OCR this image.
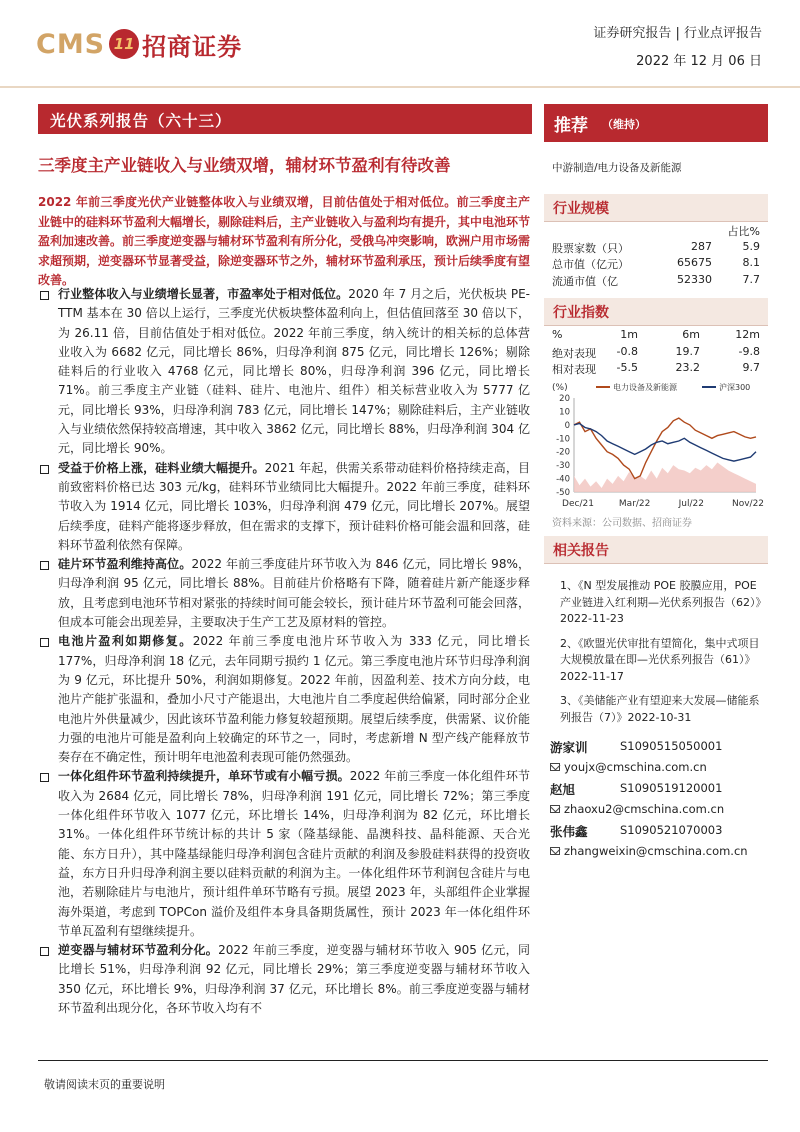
CMS 11 招商证券	证券研究报告 | 行业点评报告
2022 年 12 月 06 日
光伏系列报告（六十三）
三季度主产业链收入与业绩双增，辅材环节盈利有待改善
2022 年前三季度光伏产业链整体收入与业绩双增，目前估值处于相对低位。前三季度主产业链中的硅料环节盈利大幅增长，剔除硅料后，主产业链收入与盈利均有提升，其中电池环节盈利加速改善。前三季度逆变器与辅材环节盈利有所分化，受俄乌冲突影响，欧洲户用市场需求超预期，逆变器环节显著受益，除逆变器环节之外，辅材环节盈利承压，预计后续季度有望改善。
行业整体收入与业绩增长显著，市盈率处于相对低位。2020 年 7 月之后，光伏板块 PE-TTM 基本在 30 倍以上运行，三季度光伏板块整体盈利向上，但估值回落至 30 倍以下，为 26.11 倍，目前估值处于相对低位。2022 年前三季度，纳入统计的相关标的总体营业收入为 6682 亿元，同比增长 86%，归母净利润 875 亿元，同比增长 126%；剔除硅料后的行业收入 4768 亿元，同比增长 80%，归母净利润 396 亿元，同比增长 71%。前三季度主产业链（硅料、硅片、电池片、组件）相关标营业收入为 5777 亿元，同比增长 93%，归母净利润 783 亿元，同比增长 147%；剔除硅料后，主产业链收入与业绩依然保持较高增速，其中收入 3862 亿元，同比增长 88%，归母净利润 304 亿元，同比增长 90%。
受益于价格上涨，硅料业绩大幅提升。2021 年起，供需关系带动硅料价格持续走高，目前致密料价格已达 303 元/kg，硅料环节业绩同比大幅提升。2022 年前三季度，硅料环节收入为 1914 亿元，同比增长 103%，归母净利润 479 亿元，同比增长 207%。展望后续季度，硅料产能将逐步释放，但在需求的支撑下，预计硅料价格可能会温和回落，硅料环节盈利依然有保障。
硅片环节盈利维持高位。2022 年前三季度硅片环节收入为 846 亿元，同比增长 98%，归母净利润 95 亿元，同比增长 88%。目前硅片价格略有下降，随着硅片新产能逐步释放，且考虑到电池环节相对紧张的持续时间可能会较长，预计硅片环节盈利可能会回落，但成本可能会出现差异，主要取决于生产工艺及原材料的管控。
电池片盈利如期修复。2022 年前三季度电池片环节收入为 333 亿元，同比增长 177%，归母净利润 18 亿元，去年同期亏损约 1 亿元。第三季度电池片环节归母净利润为 9 亿元，环比提升 50%，利润如期修复。2022 年前，因盈利差、技术方向分歧，电池片产能扩张温和，叠加小尺寸产能退出，大电池片自二季度起供给偏紧，同时部分企业电池片外供量减少，因此该环节盈利能力修复较超预期。展望后续季度，供需紧、议价能力强的电池片可能是盈利向上较确定的环节之一，同时，考虑新增 N 型产线产能释放节奏存在不确定性，预计明年电池盈利表现可能仍然强劲。
一体化组件环节盈利持续提升，单环节或有小幅亏损。2022 年前三季度一体化组件环节收入为 2684 亿元，同比增长 78%，归母净利润 191 亿元，同比增长 72%；第三季度一体化组件环节收入 1077 亿元，环比增长 14%，归母净利润为 82 亿元，环比增长 31%。一体化组件环节统计标的共计 5 家（隆基绿能、晶澳科技、晶科能源、天合光能、东方日升），其中隆基绿能归母净利润包含硅片贡献的利润及参股硅料获得的投资收益，东方日升归母净利润主要以硅料贡献的利润为主。一体化组件环节利润包含硅片与电池，若剔除硅片与电池片，预计组件单环节略有亏损。展望 2023 年，头部组件企业掌握海外渠道，考虑到 TOPCon 溢价及组件本身具备期货属性，预计 2023 年一体化组件环节单瓦盈利有望继续提升。
逆变器与辅材环节盈利分化。2022 年前三季度，逆变器与辅材环节收入 905 亿元，同比增长 51%，归母净利润 92 亿元，同比增长 29%；第三季度逆变器与辅材环节收入 350 亿元，环比增长 9%，归母净利润 37 亿元，环比增长 8%。前三季度逆变器与辅材环节盈利出现分化，各环节收入均有不
推荐 （维持）
中游制造/电力设备及新能源
行业规模
占比%
股票家数（只）	287	5.9
总市值（亿元）	65675	8.1
流通市值（亿	52330	7.7
行业指数
%	1m	6m	12m
绝对表现 -0.8	19.7	-9.8
相对表现 -5.5	23.2	9.7
(%)
20
10
0
-10
-20
-30
-40
-50
电力设备及新能源	沪深300
Dec/21	Mar/22	Jul/22	Nov/22
资料来源：公司数据、招商证券
相关报告
1、《N 型发展推动 POE 胶膜应用，POE 产业链进入红利期—光伏系列报告（62）》2022-11-23
2、《欧盟光伏审批有望简化，集中式项目大规模放量在即—光伏系列报告（61）》2022-11-17
3、《美储能产业有望迎来大发展—储能系列报告（7）》2022-10-31
游家训	S1090515050001
youjx@cmschina.com.cn
赵旭	S1090519120001
zhaoxu2@cmschina.com.cn
张伟鑫	S1090521070003
zhangweixin@cmschina.com.cn
敬请阅读末页的重要说明
